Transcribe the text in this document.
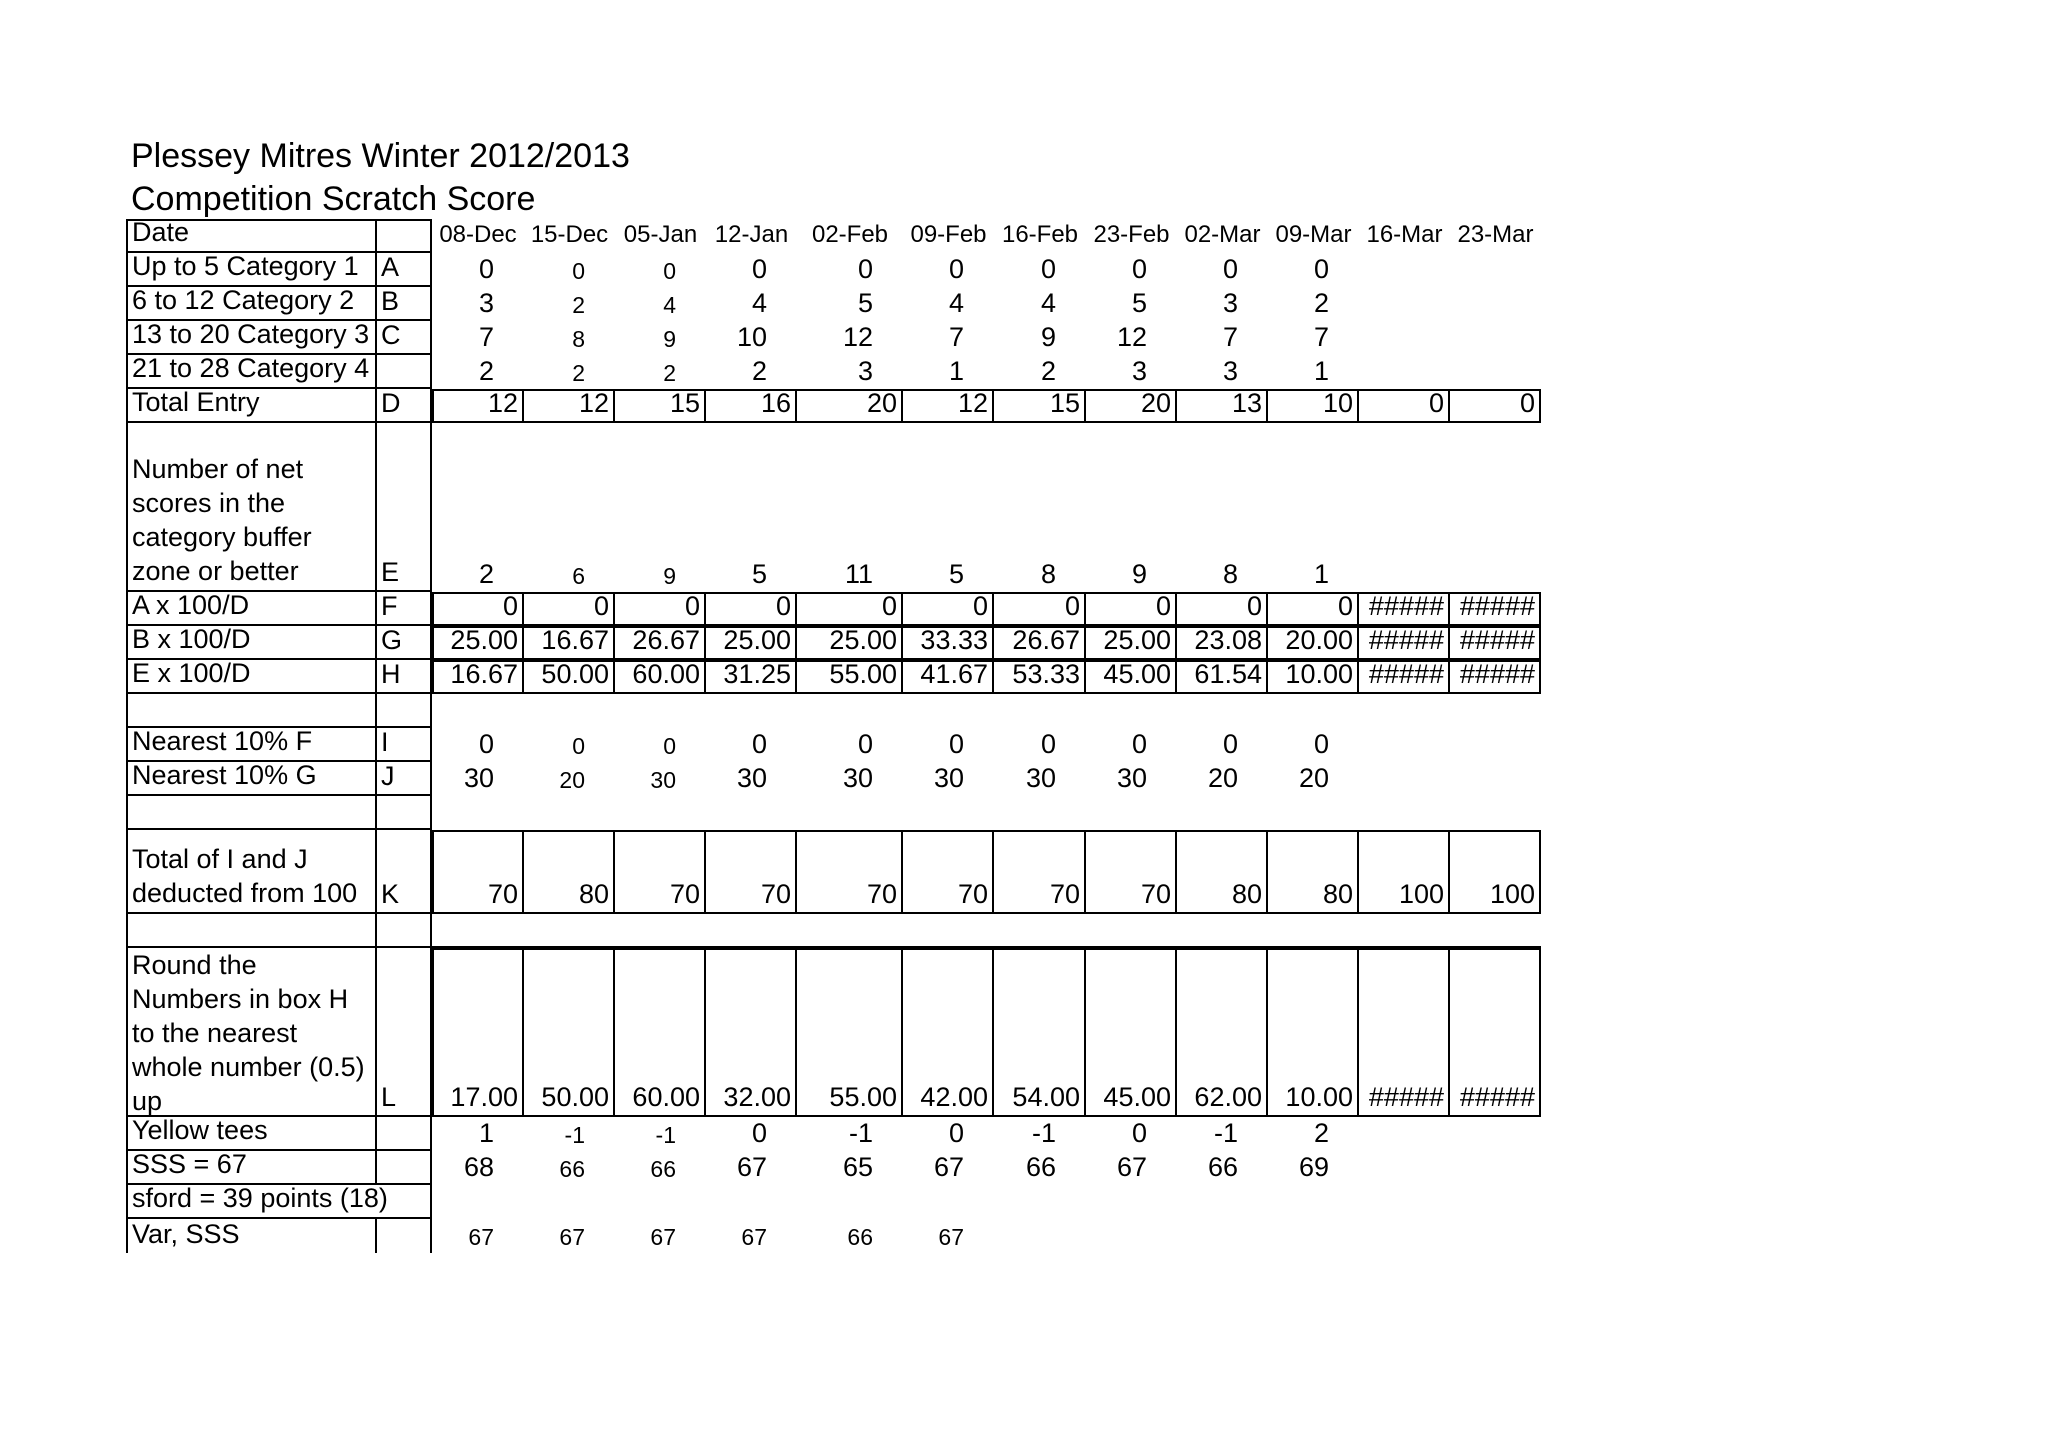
Plessey Mitres Winter 2012/2013
Competition Scratch Score
Date	08-Dec 15-Dec 05-Jan 12-Jan 02-Feb 09-Feb 16-Feb 23-Feb 02-Mar 09-Mar 16-Mar 23-Mar
Up to 5 Category 1 A	0	0	0	0	0	0	0	0	0	0
6 to 12 Category 2 B	3	2	4	4	5	4	4	5	3	2
13 to 20 Category 3 C	7	8	9	10	12	7	9	12	7	7
21 to 28 Category 4	2	2	2	2	3	1	2	3	3	1
Total Entry	D	12	12	15	16	20	12	15	20	13	10	0	0
Number of net
scores in the
category buffer
zone or better	E	2	6	9	5	11	5	8	9	8	1
A x 100/D	F	0	0	0	0	0	0	0	0	0	0 ##### #####
B x 100/D	G	25.00 16.67 26.67 25.00	25.00 33.33 26.67 25.00 23.08 20.00 ##### #####
E x 100/D	H	16.67 50.00 60.00 31.25	55.00 41.67 53.33 45.00 61.54 10.00 ##### #####
Nearest 10% F	I	0	0	0	0	0	0	0	0	0	0
Nearest 10% G	J	30	20	30	30	30	30	30	30	20	20
Total of I and J
deducted from 100 K	70	80	70	70	70	70	70	70	80	80	100	100
Round the
Numbers in box H
to the nearest
whole number (0.5)
up	L	17.00 50.00 60.00 32.00	55.00 42.00 54.00 45.00 62.00 10.00 ##### #####
Yellow tees	1	-1	-1	0	-1	0	-1	0	-1	2
SSS = 67	68	66	66	67	65	67	66	67	66	69
sford = 39 points (18)
Var, SSS	67	67	67	67	66	67
